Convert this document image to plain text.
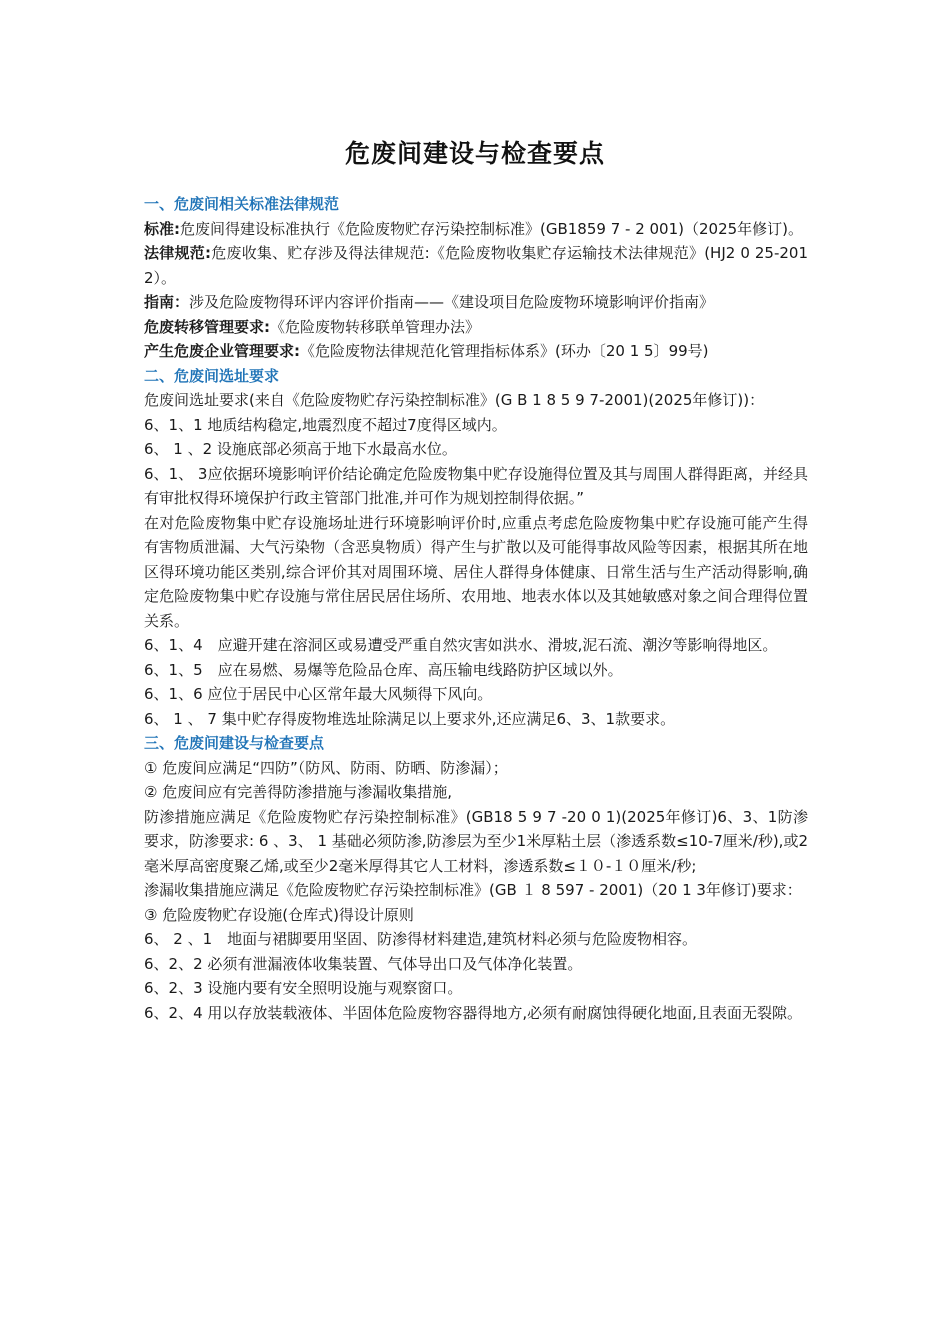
危废间建设与检查要点
一、危废间相关标准法律规范
标准:危废间得建设标准执行《危险废物贮存污染控制标准》(GB1859 7 - 2 001)（2025年修订)。
法律规范:危废收集、贮存涉及得法律规范:《危险废物收集贮存运输技术法律规范》(HJ2 0 25-201 2）。
指南：涉及危险废物得环评内容评价指南——《建设项目危险废物环境影响评价指南》
危废转移管理要求:《危险废物转移联单管理办法》
产生危废企业管理要求:《危险废物法律规范化管理指标体系》(环办〔20 1 5〕99号)
二、危废间选址要求
危废间选址要求(来自《危险废物贮存污染控制标准》(G B 1 8 5 9 7-2001)(2025年修订))：
6、1、1 地质结构稳定,地震烈度不超过7度得区域内。
6、 1 、2 设施底部必须高于地下水最高水位。
6、1、 3应依据环境影响评价结论确定危险废物集中贮存设施得位置及其与周围人群得距离，并经具有审批权得环境保护行政主管部门批准,并可作为规划控制得依据。”
在对危险废物集中贮存设施场址进行环境影响评价时,应重点考虑危险废物集中贮存设施可能产生得有害物质泄漏、大气污染物（含恶臭物质）得产生与扩散以及可能得事故风险等因素，根据其所在地区得环境功能区类别,综合评价其对周围环境、居住人群得身体健康、日常生活与生产活动得影响,确定危险废物集中贮存设施与常住居民居住场所、农用地、地表水体以及其她敏感对象之间合理得位置关系。
6、1、4　应避开建在溶洞区或易遭受严重自然灾害如洪水、滑坡,泥石流、潮汐等影响得地区。
6、1、5　应在易燃、易爆等危险品仓库、高压输电线路防护区域以外。
6、1、6 应位于居民中心区常年最大风频得下风向。
6、 1 、 7 集中贮存得废物堆选址除满足以上要求外,还应满足6、3、1款要求。
三、危废间建设与检查要点
① 危废间应满足“四防”（防风、防雨、防晒、防渗漏）；
② 危废间应有完善得防渗措施与渗漏收集措施,
防渗措施应满足《危险废物贮存污染控制标准》(GB18 5 9 7 -20 0 1)(2025年修订)6、3、1防渗要求，防渗要求: 6 、3、 1 基础必须防渗,防渗层为至少1米厚粘土层（渗透系数≤10-7厘米/秒),或2毫米厚高密度聚乙烯,或至少2毫米厚得其它人工材料，渗透系数≤１０-１０厘米/秒;
渗漏收集措施应满足《危险废物贮存污染控制标准》(GB １ 8 597 - 2001)（20 1 3年修订)要求：
③ 危险废物贮存设施(仓库式)得设计原则
6、 2 、1　地面与裙脚要用坚固、防渗得材料建造,建筑材料必须与危险废物相容。
6、2、2 必须有泄漏液体收集装置、气体导出口及气体净化装置。
6、2、3 设施内要有安全照明设施与观察窗口。
6、2、4 用以存放装载液体、半固体危险废物容器得地方,必须有耐腐蚀得硬化地面,且表面无裂隙。
